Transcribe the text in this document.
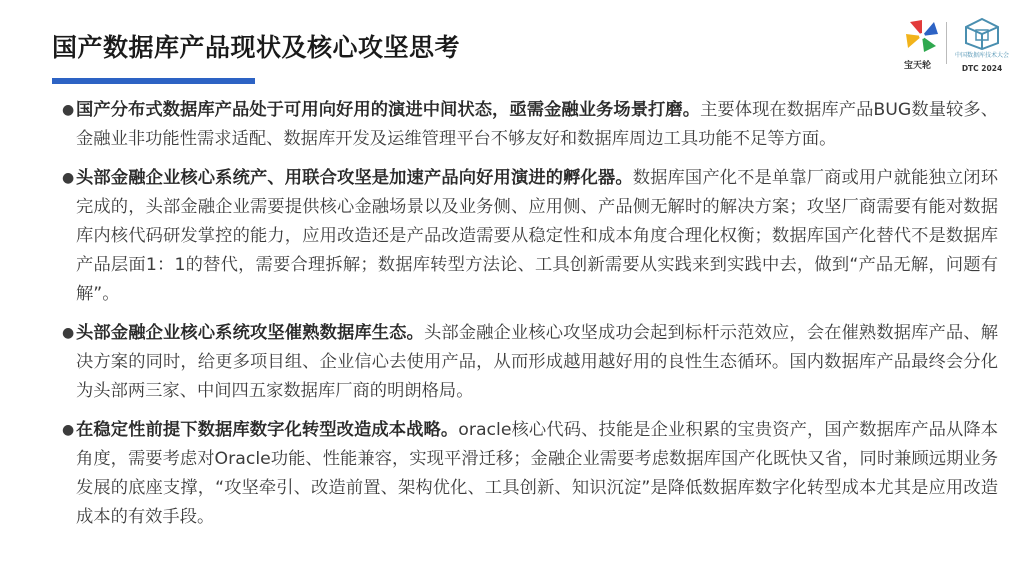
国产数据库产品现状及核心攻坚思考
宝天轮
中国数据库技术大会
DTC 2024
● 国产分布式数据库产品处于可用向好用的演进中间状态，亟需金融业务场景打磨。主要体现在数据库产品BUG数量较多、金融业非功能性需求适配、数据库开发及运维管理平台不够友好和数据库周边工具功能不足等方面。
● 头部金融企业核心系统产、用联合攻坚是加速产品向好用演进的孵化器。数据库国产化不是单靠厂商或用户就能独立闭环完成的，头部金融企业需要提供核心金融场景以及业务侧、应用侧、产品侧无解时的解决方案；攻坚厂商需要有能对数据库内核代码研发掌控的能力，应用改造还是产品改造需要从稳定性和成本角度合理化权衡；数据库国产化替代不是数据库产品层面1：1的替代，需要合理拆解；数据库转型方法论、工具创新需要从实践来到实践中去，做到“产品无解，问题有解”。
● 头部金融企业核心系统攻坚催熟数据库生态。头部金融企业核心攻坚成功会起到标杆示范效应，会在催熟数据库产品、解决方案的同时，给更多项目组、企业信心去使用产品，从而形成越用越好用的良性生态循环。国内数据库产品最终会分化为头部两三家、中间四五家数据库厂商的明朗格局。
● 在稳定性前提下数据库数字化转型改造成本战略。oracle核心代码、技能是企业积累的宝贵资产，国产数据库产品从降本角度，需要考虑对Oracle功能、性能兼容，实现平滑迁移；金融企业需要考虑数据库国产化既快又省，同时兼顾远期业务发展的底座支撑，“攻坚牵引、改造前置、架构优化、工具创新、知识沉淀”是降低数据库数字化转型成本尤其是应用改造成本的有效手段。
